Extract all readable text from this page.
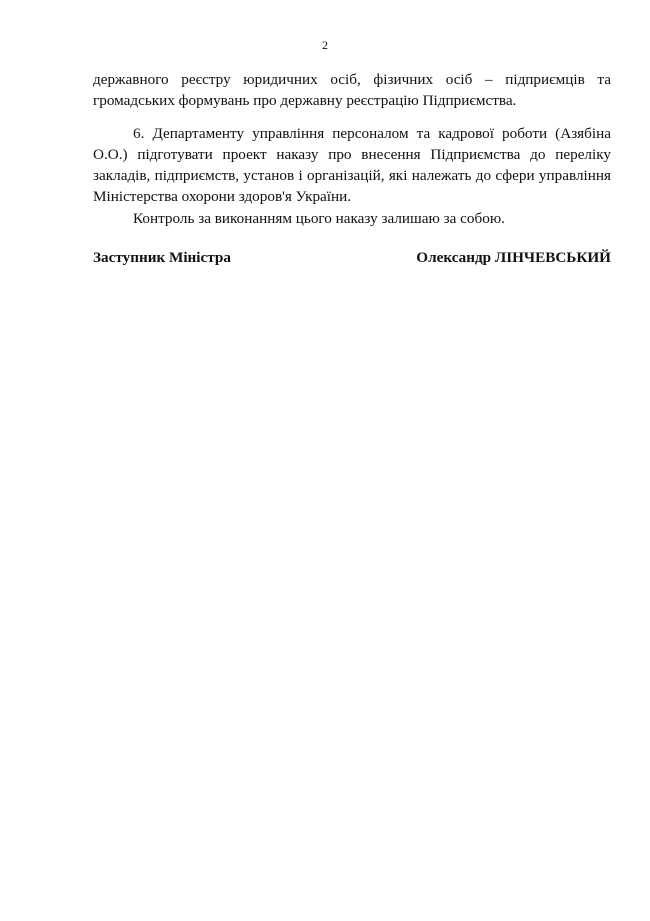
2

державного реєстру юридичних осіб, фізичних осіб – підприємців та громадських формувань про державну реєстрацію Підприємства.

6. Департаменту управління персоналом та кадрової роботи (Азябіна О.О.) підготувати проект наказу про внесення Підприємства до переліку закладів, підприємств, установ і організацій, які належать до сфери управління Міністерства охорони здоров'я України.

Контроль за виконанням цього наказу залишаю за собою.

Заступник Міністра	Олександр ЛІНЧЕВСЬКИЙ
